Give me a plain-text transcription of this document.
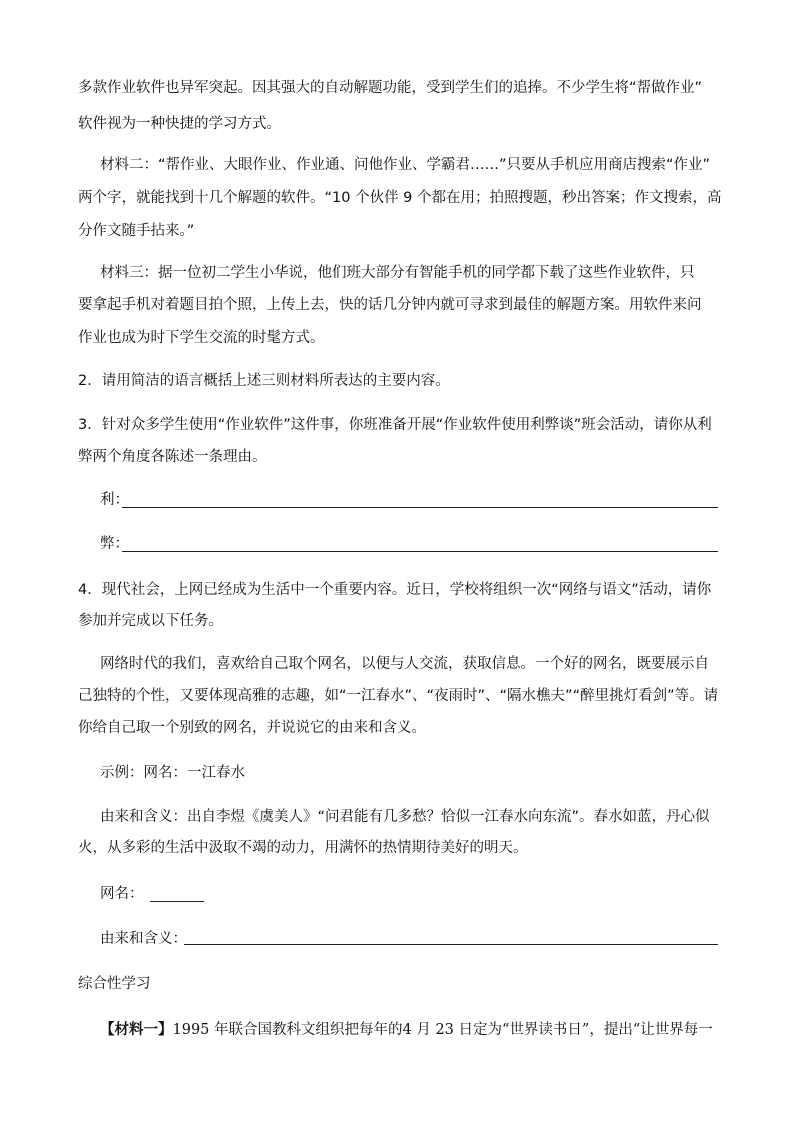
多款作业软件也异军突起。因其强大的自动解题功能，受到学生们的追捧。不少学生将“帮做作业”
软件视为一种快捷的学习方式。
材料二：“帮作业、大眼作业、作业通、问他作业、学霸君……”只要从手机应用商店搜索“作业”
两个字，就能找到十几个解题的软件。“10 个伙伴 9 个都在用；拍照搜题，秒出答案；作文搜索，高
分作文随手拈来。”
材料三：据一位初二学生小华说，他们班大部分有智能手机的同学都下载了这些作业软件，只
要拿起手机对着题目拍个照，上传上去，快的话几分钟内就可寻求到最佳的解题方案。用软件来问
作业也成为时下学生交流的时髦方式。
2．请用简洁的语言概括上述三则材料所表达的主要内容。
3．针对众多学生使用“作业软件”这件事，你班准备开展“作业软件使用利弊谈”班会活动，请你从利
弊两个角度各陈述一条理由。
利：
弊：
4．现代社会，上网已经成为生活中一个重要内容。近日，学校将组织一次“网络与语文”活动，请你
参加并完成以下任务。
网络时代的我们，喜欢给自己取个网名，以便与人交流，获取信息。一个好的网名，既要展示自
己独特的个性，又要体现高雅的志趣，如“一江春水”、“夜雨时”、“隔水樵夫”“醉里挑灯看剑”等。请
你给自己取一个别致的网名，并说说它的由来和含义。
示例：网名：一江春水
由来和含义：出自李煜《虞美人》“问君能有几多愁？恰似一江春水向东流”。春水如蓝，丹心似
火，从多彩的生活中汲取不竭的动力，用满怀的热情期待美好的明天。
网名：
由来和含义：
综合性学习
【材料一】1995 年联合国教科文组织把每年的4 月 23 日定为“世界读书日”，提出“让世界每一
